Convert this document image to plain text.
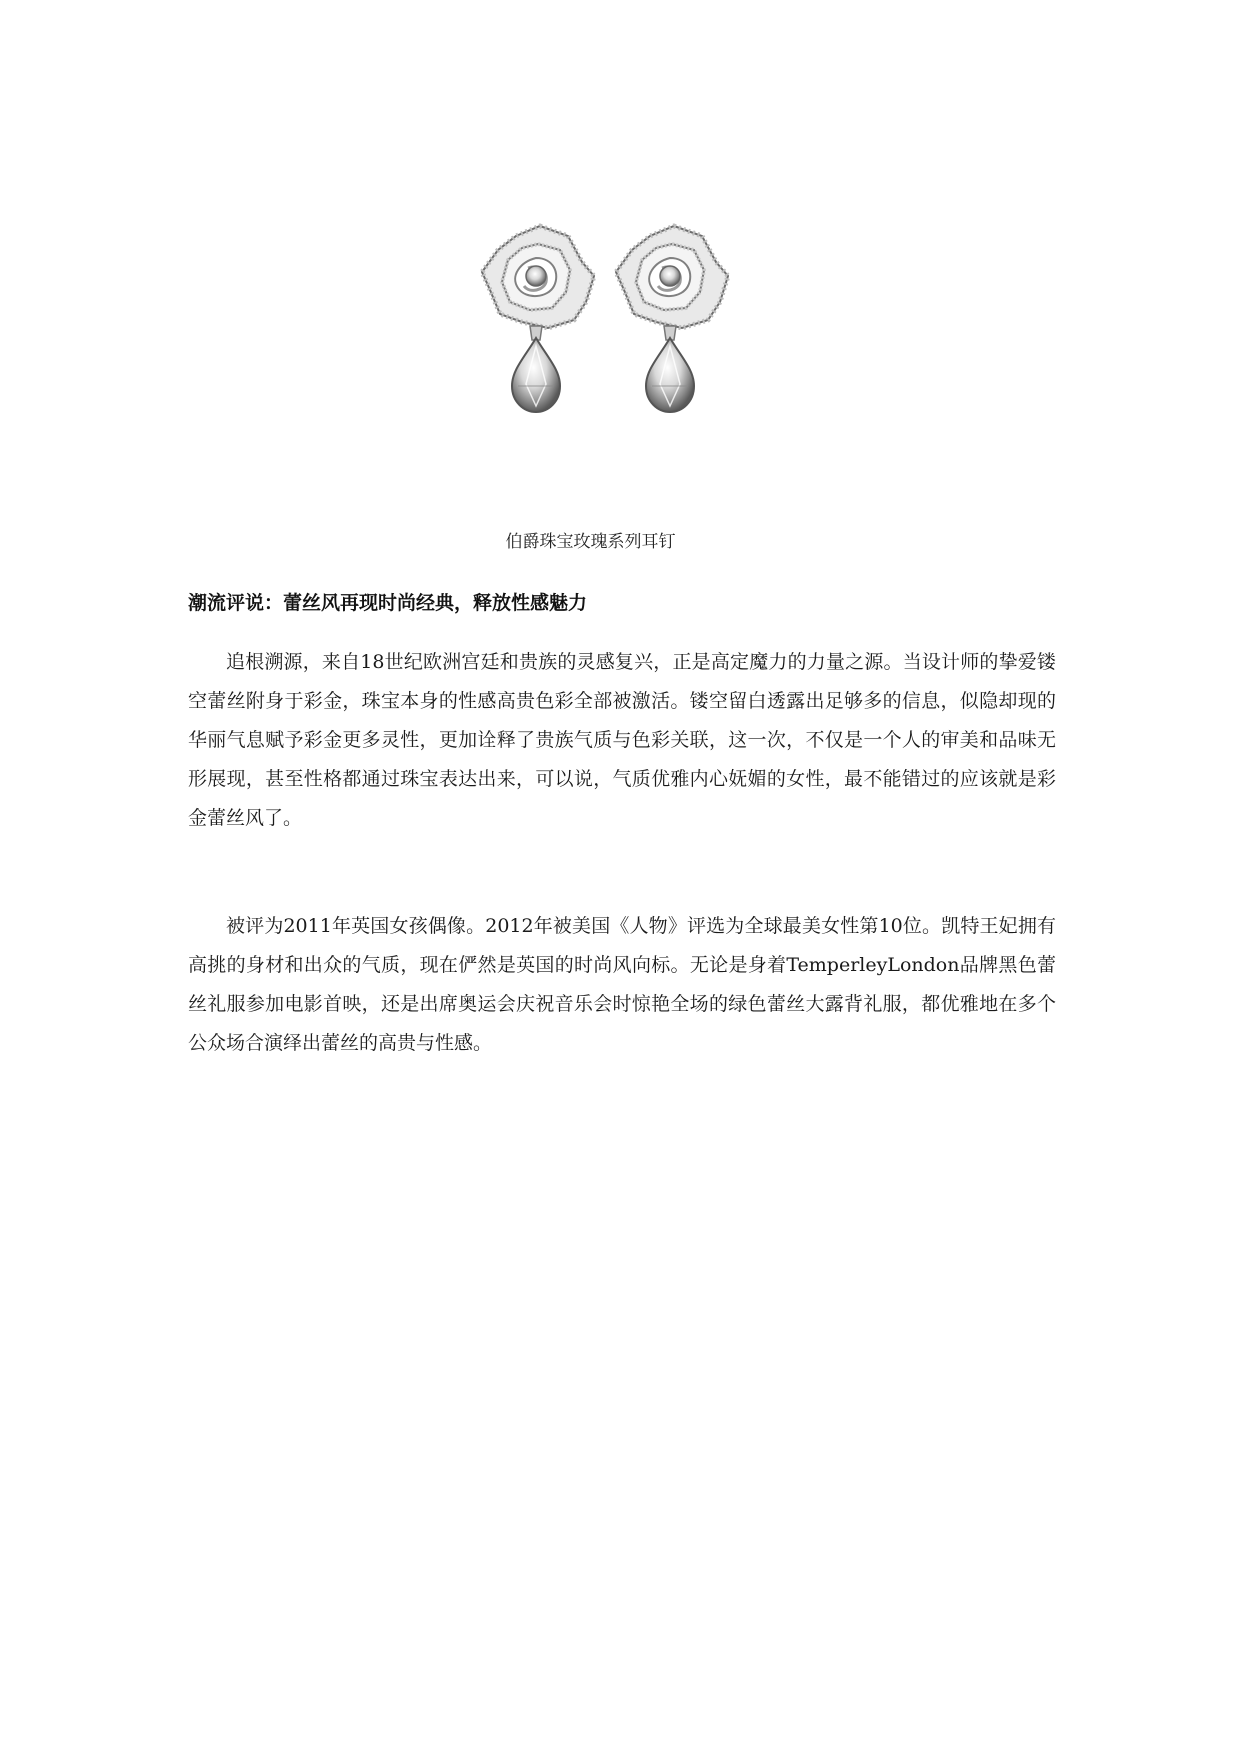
伯爵珠宝玫瑰系列耳钉
潮流评说：蕾丝风再现时尚经典，释放性感魅力

追根溯源，来自18世纪欧洲宫廷和贵族的灵感复兴，正是高定魔力的力量之源。当设计师的挚爱镂空蕾丝附身于彩金，珠宝本身的性感高贵色彩全部被激活。镂空留白透露出足够多的信息，似隐却现的华丽气息赋予彩金更多灵性，更加诠释了贵族气质与色彩关联，这一次，不仅是一个人的审美和品味无形展现，甚至性格都通过珠宝表达出来，可以说，气质优雅内心妩媚的女性，最不能错过的应该就是彩金蕾丝风了。

被评为2011年英国女孩偶像。2012年被美国《人物》评选为全球最美女性第10位。凯特王妃拥有高挑的身材和出众的气质，现在俨然是英国的时尚风向标。无论是身着TemperleyLondon品牌黑色蕾丝礼服参加电影首映，还是出席奥运会庆祝音乐会时惊艳全场的绿色蕾丝大露背礼服，都优雅地在多个公众场合演绎出蕾丝的高贵与性感。
